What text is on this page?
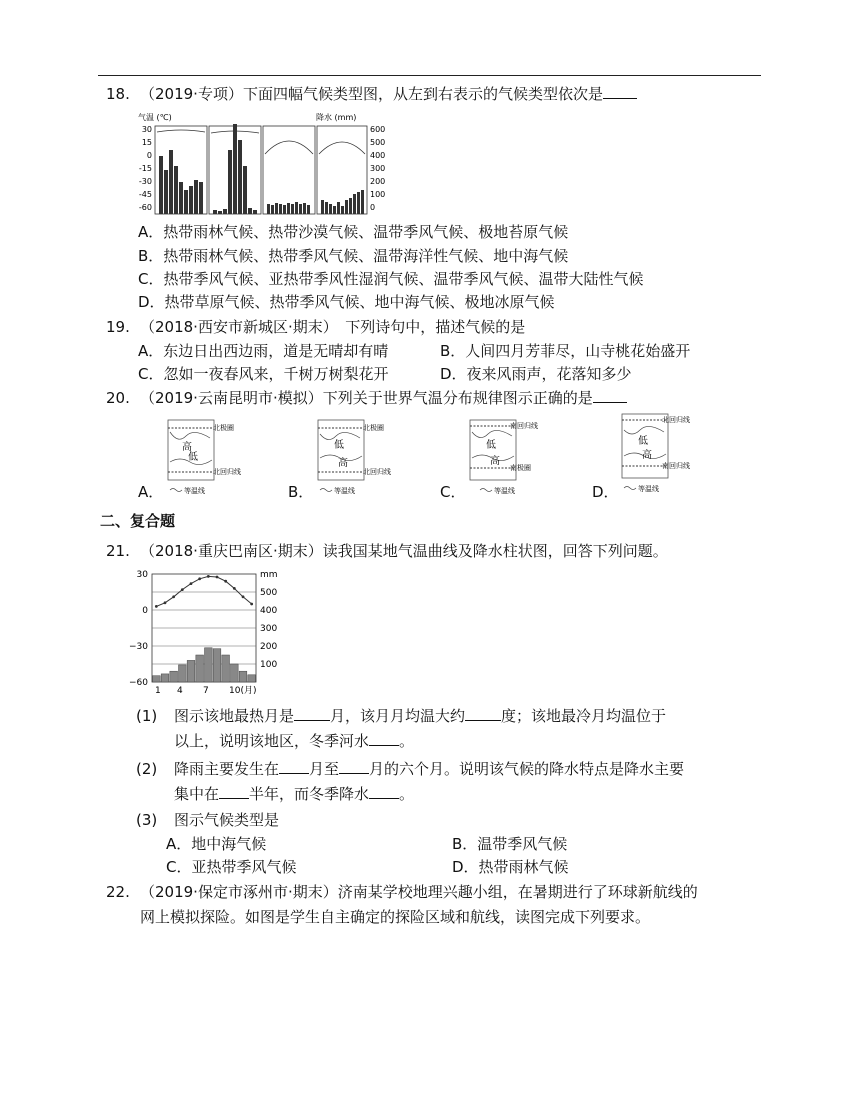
18. （2019·专项）下面四幅气候类型图，从左到右表示的气候类型依次是
气温 (℃)	降水 (mm)
30
15
0
-15
-30
-45
-60
600
500
400
300
200
100
0
A．热带雨林气候、热带沙漠气候、温带季风气候、极地苔原气候
B．热带雨林气候、热带季风气候、温带海洋性气候、地中海气候
C．热带季风气候、亚热带季风性湿润气候、温带季风气候、温带大陆性气候
D．热带草原气候、热带季风气候、地中海气候、极地冰原气候
19. （2018·西安市新城区·期末）　下列诗句中，描述气候的是
A．东边日出西边雨，道是无晴却有晴	B．人间四月芳菲尽，山寺桃花始盛开
C．忽如一夜春风来，千树万树梨花开	D．夜来风雨声，花落知多少
20. （2019·云南昆明市·模拟）下列关于世界气温分布规律图示正确的是
A．
北极圈
北回归线
高
低
等温线	B．
北极圈
北回归线
低
高
等温线	C．
南回归线
南极圈
低
高
等温线	D．
北回归线
南回归线
低
高
等温线
二、复合题
21. （2018·重庆巴南区·期末）读我国某地气温曲线及降水柱状图，回答下列问题。
30
0
−30
−60
mm
500
400
300
200
100
1 4 7 10(月)
(1) 图示该地最热月是 月，该月月均温大约 度；该地最冷月均温位于
以上，说明该地区，冬季河水 。
(2) 降雨主要发生在 月至 月的六个月。说明该气候的降水特点是降水主要
集中在 半年，而冬季降水 。
(3) 图示气候类型是
A．地中海气候	B．温带季风气候
C．亚热带季风气候	D．热带雨林气候
22. （2019·保定市涿州市·期末）济南某学校地理兴趣小组，在暑期进行了环球新航线的
网上模拟探险。如图是学生自主确定的探险区域和航线，读图完成下列要求。
